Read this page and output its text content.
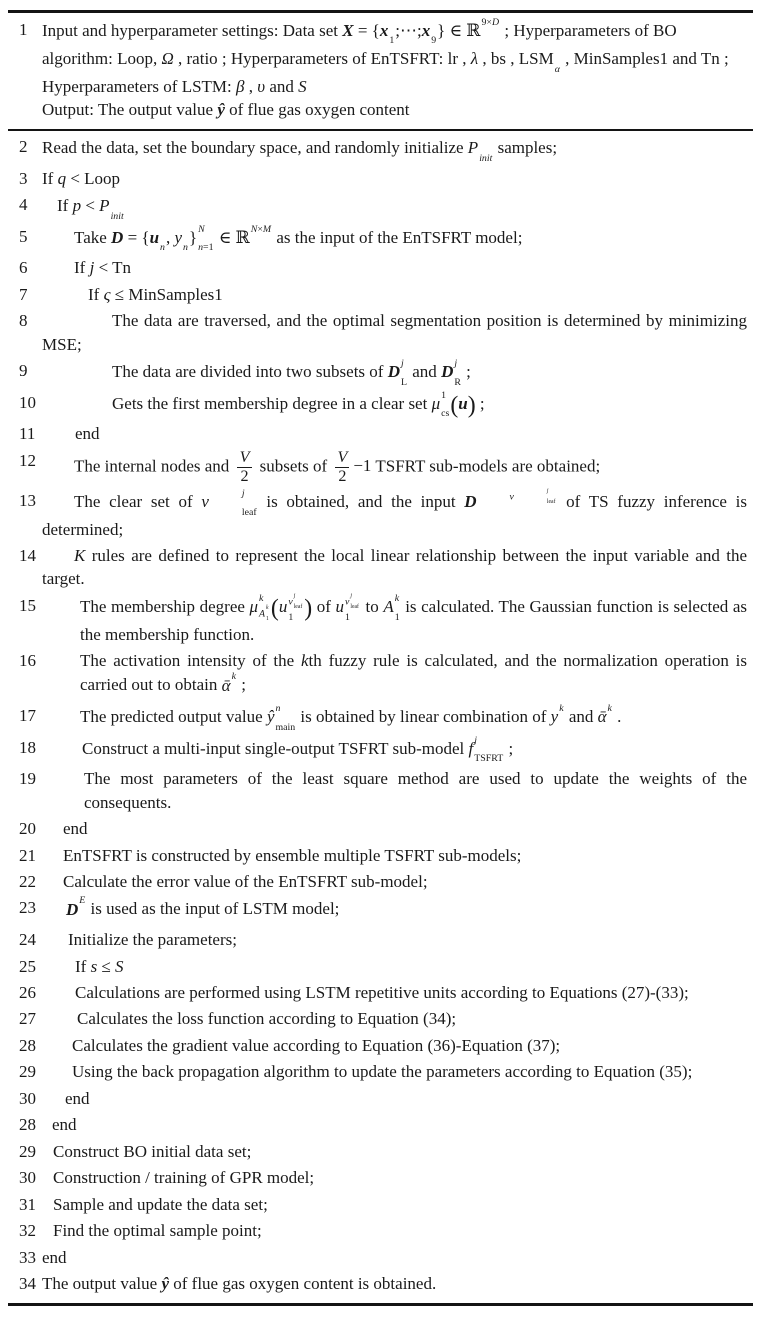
1 Input and hyperparameter settings: Data set X = {x
1
;⋯;x
9
} ∈ ℝ 9× D ; Hyperparameters of BO algorithm: Loop, Ω , ratio ; Hyperparameters of EnTSFRT: lr , λ , bs , LSM
α
, MinSamples1 and Tn ; Hyperparameters of LSTM: β , υ and S
Output: The output value ŷ of flue gas oxygen content
2 Read the data, set the boundary space, and randomly initialize P
init
samples;
3 If q < Loop
4	If p < P
init
5	Take D = {u
n
, y
n
} N
n =1
∈ ℝ N × M as the input of the EnTSFRT model;
6	If j < Tn
7	If ς ≤ MinSamples1
8	The data are traversed, and the optimal segmentation position is determined by minimizing MSE;
9	The data are divided into two subsets of D j
L
and D j
R
;
10	Gets the first membership degree in a clear set μ 1
cs (u) ;
11	end
12	The internal nodes and $\frac{V}{2}$ subsets of $\frac{V}{2} -1$ TSFRT sub-models are obtained;
13	The clear set of v	j
leaf
is obtained, and the input D	v
j
leaf of TS fuzzy inference is determined;
14	K rules are defined to represent the local linear relationship between the input variable and the target.
15	The membership degree μ k
A
k
1 (u v
j
leaf
1 ) of u v
j
leaf
1
to A k
1
is calculated. The Gaussian function is selected as the membership function.
16	The activation intensity of the kth fuzzy rule is calculated, and the normalization operation is carried out to obtain ᾱ k ;
17	The predicted output value ŷ n
main
is obtained by linear combination of y k and ᾱ k .
18	Construct a multi-input single-output TSFRT sub-model f j
TSFRT
;
19	The most parameters of the least square method are used to update the weights of the consequents.
20	end
21	EnTSFRT is constructed by ensemble multiple TSFRT sub-models;
22	Calculate the error value of the EnTSFRT sub-model;
23	D E is used as the input of LSTM model;
24	Initialize the parameters;
25	If s ≤ S
26	Calculations are performed using LSTM repetitive units according to Equations (27)-(33);
27	Calculates the loss function according to Equation (34);
28	Calculates the gradient value according to Equation (36)-Equation (37);
29	Using the back propagation algorithm to update the parameters according to Equation (35);
30	end
28 end
29	Construct BO initial data set;
30	Construction / training of GPR model;
31	Sample and update the data set;
32	Find the optimal sample point;
33 end
34 The output value ŷ of flue gas oxygen content is obtained.
